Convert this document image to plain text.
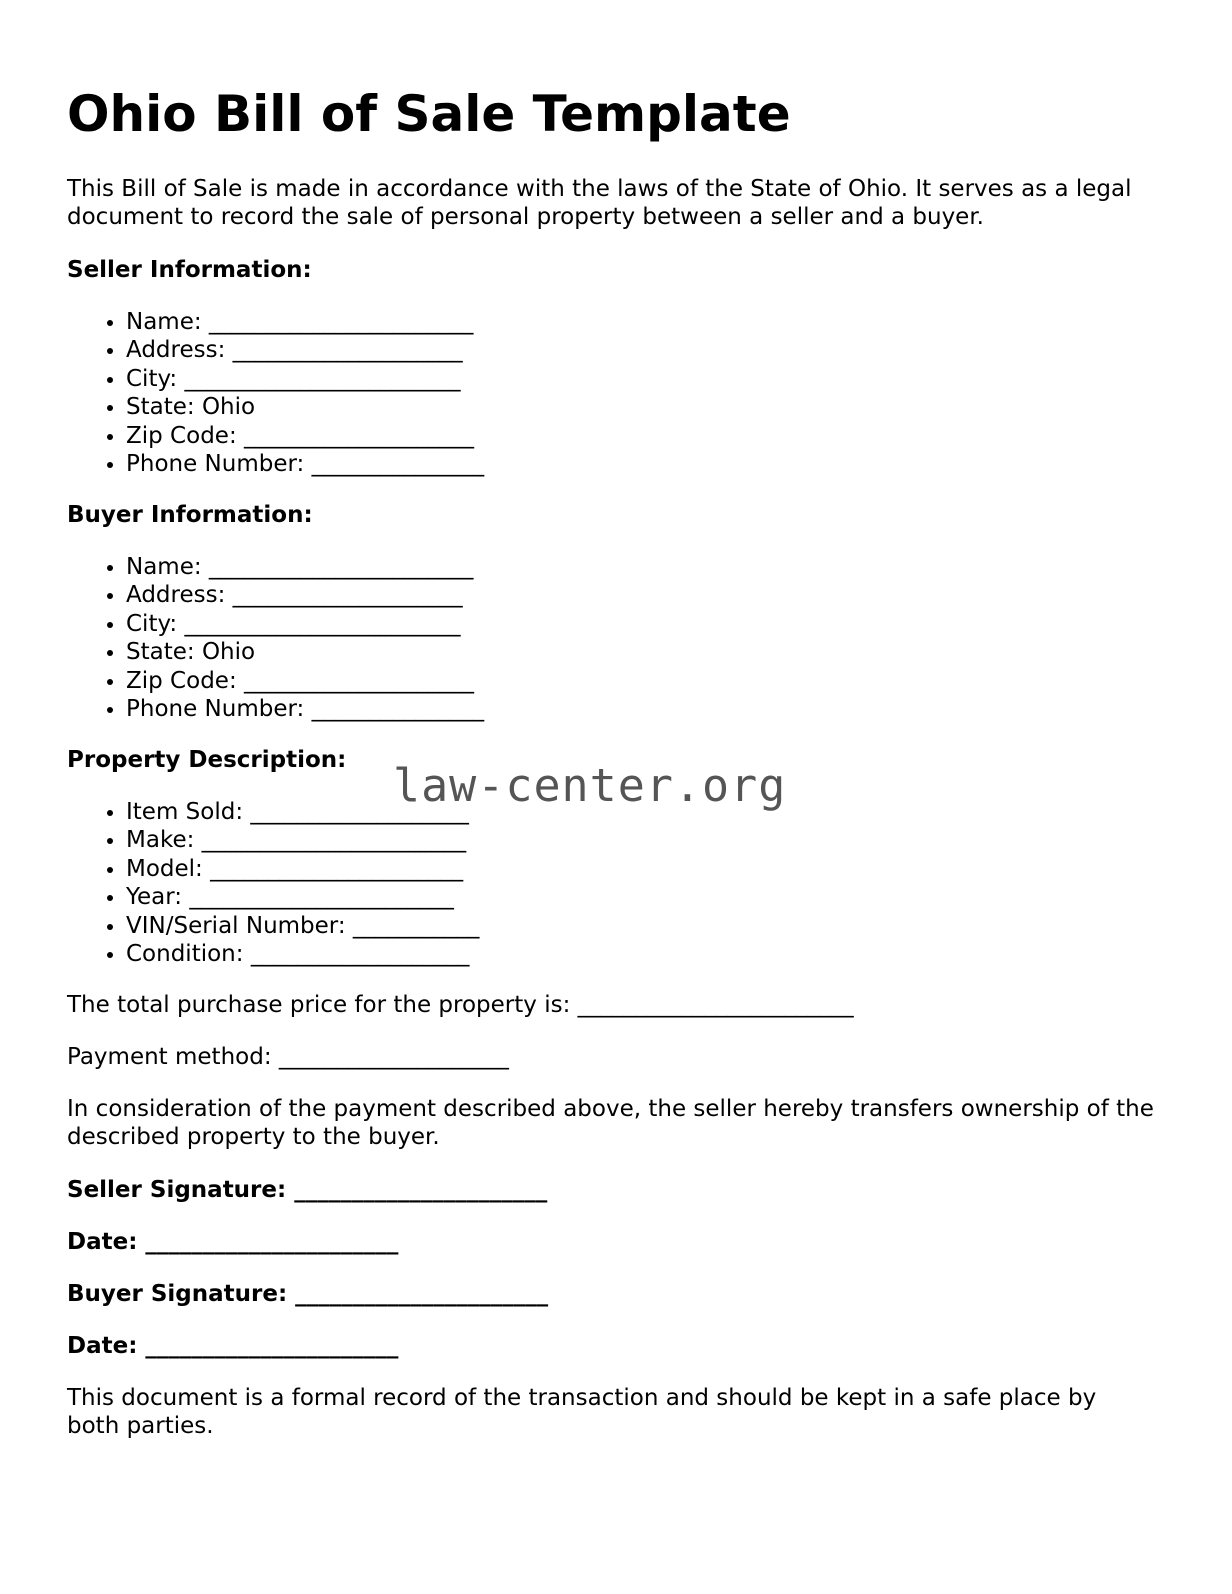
Ohio Bill of Sale Template

This Bill of Sale is made in accordance with the laws of the State of Ohio. It serves as a legal document to record the sale of personal property between a seller and a buyer.

Seller Information:

• Name: _______________________
• Address: ____________________
• City: ________________________
• State: Ohio
• Zip Code: ____________________
• Phone Number: _______________

Buyer Information:

• Name: _______________________
• Address: ____________________
• City: ________________________
• State: Ohio
• Zip Code: ____________________
• Phone Number: _______________

Property Description:

• Item Sold: ___________________
• Make: _______________________
• Model: ______________________
• Year: _______________________
• VIN/Serial Number: ___________
• Condition: ___________________

The total purchase price for the property is: ________________________

Payment method: ____________________

In consideration of the payment described above, the seller hereby transfers ownership of the described property to the buyer.

Seller Signature: ______________________

Date: ______________________

Buyer Signature: ______________________

Date: ______________________

This document is a formal record of the transaction and should be kept in a safe place by both parties.

law-center.org
